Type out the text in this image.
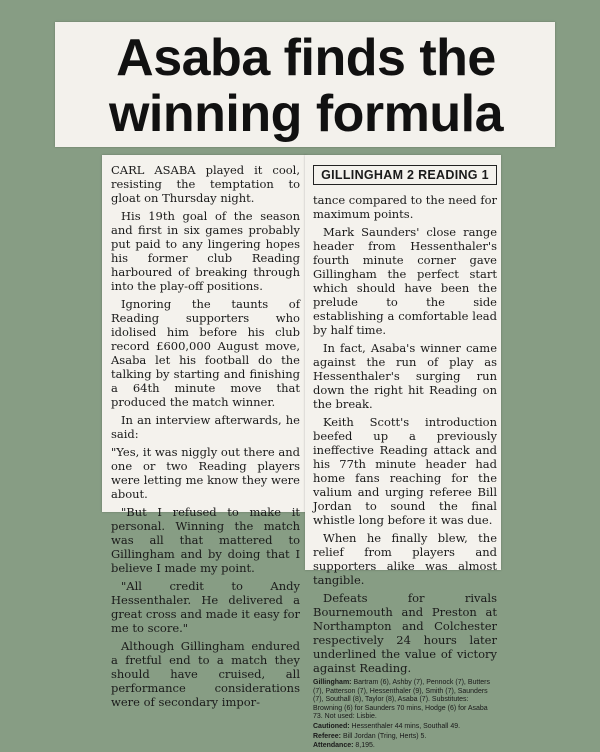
Asaba finds the winning formula

CARL ASABA played it cool, resisting the temptation to gloat on Thursday night.

His 19th goal of the season and first in six games probably put paid to any lingering hopes his former club Reading harboured of breaking through into the play-off positions.

Ignoring the taunts of Reading supporters who idolised him before his club record £600,000 August move, Asaba let his football do the talking by starting and finishing a 64th minute move that produced the match winner.

In an interview afterwards, he said:

"Yes, it was niggly out there and one or two Reading players were letting me know they were about.

"But I refused to make it personal. Winning the match was all that mattered to Gillingham and by doing that I believe I made my point.

"All credit to Andy Hessenthaler. He delivered a great cross and made it easy for me to score."

Although Gillingham endured a fretful end to a match they should have cruised, all performance considerations were of secondary impor-

GILLINGHAM 2 READING 1

tance compared to the need for maximum points.

Mark Saunders' close range header from Hessenthaler's fourth minute corner gave Gillingham the perfect start which should have been the prelude to the side establishing a comfortable lead by half time.

In fact, Asaba's winner came against the run of play as Hessenthaler's surging run down the right hit Reading on the break.

Keith Scott's introduction beefed up a previously ineffective Reading attack and his 77th minute header had home fans reaching for the valium and urging referee Bill Jordan to sound the final whistle long before it was due.

When he finally blew, the relief from players and supporters alike was almost tangible.

Defeats for rivals Bournemouth and Preston at Northampton and Colchester respectively 24 hours later underlined the value of victory against Reading.

Gillingham: Bartram (6), Ashby (7), Pennock (7), Butters (7), Patterson (7), Hessenthaler (9), Smith (7), Saunders (7), Southall (8), Taylor (8), Asaba (7). Substitutes: Browning (6) for Saunders 70 mins, Hodge (6) for Asaba 73. Not used: Lisbie.

Cautioned: Hessenthaler 44 mins, Southall 49.

Referee: Bill Jordan (Tring, Herts) 5.

Attendance: 8,195.
